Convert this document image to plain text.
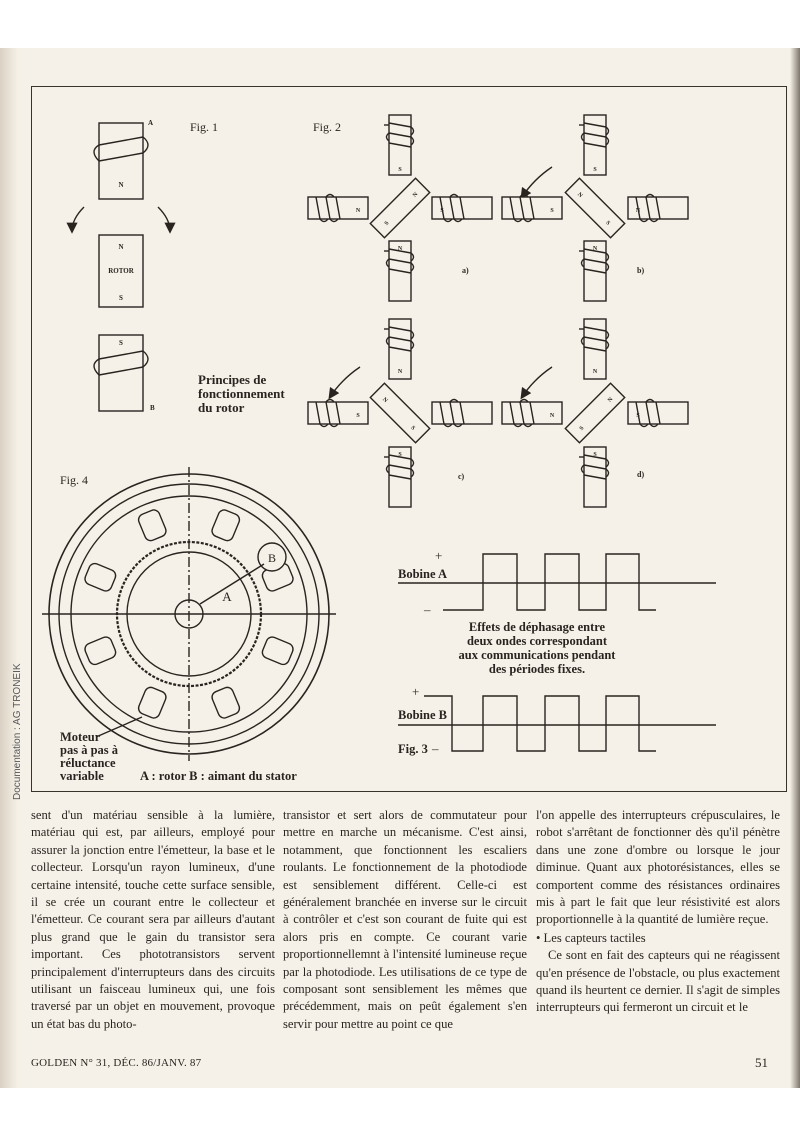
Fig. 1
A
N
N
ROTOR
S
S
B
Principes de
fonctionnement
du rotor
Fig. 2
S
N
S
N
S
N
a)
S
S
N
S
N
N
b)
N
S
N
S
S
c)
N
N
S
N
S
S
d)
Fig. 4
B
A
Moteur
pas à pas à
réluctance
variable	A : rotor B : aimant du stator
+
Bobine A
–
Effets de déphasage entre
deux ondes correspondant
aux communications pendant
des périodes fixes.
+
Bobine B
Fig. 3 –

sent d'un matériau sensible à la lumière, matériau qui est, par ailleurs, employé pour assurer la jonction entre l'émetteur, la base et le collecteur. Lorsqu'un rayon lumineux, d'une certaine intensité, touche cette surface sensible, il se crée un courant entre le collecteur et l'émetteur. Ce courant sera par ailleurs d'autant plus grand que le gain du transistor sera important. Ces phototransistors servent principalement d'interrupteurs dans des circuits utilisant un faisceau lumineux qui, une fois traversé par un objet en mouvement, provoque un état bas du photo-

transistor et sert alors de commutateur pour mettre en marche un mécanisme. C'est ainsi, notamment, que fonctionnent les escaliers roulants. Le fonctionnement de la photodiode est sensiblement différent. Celle-ci est généralement branchée en inverse sur le circuit à contrôler et c'est son courant de fuite qui est alors pris en compte. Ce courant varie proportionnellemnt à l'intensité lumineuse reçue par la photodiode. Les utilisations de ce type de composant sont sensiblement les mêmes que précédemment, mais on peût également s'en servir pour mettre au point ce que

l'on appelle des interrupteurs crépusculaires, le robot s'arrêtant de fonctionner dès qu'il pénètre dans une zone d'ombre ou lorsque le jour diminue. Quant aux photorésistances, elles se comportent comme des résistances ordinaires mis à part le fait que leur résistivité est alors proportionnelle à la quantité de lumière reçue.

• Les capteurs tactiles

Ce sont en fait des capteurs qui ne réagissent qu'en présence de l'obstacle, ou plus exactement quand ils heurtent ce dernier. Il s'agit de simples interrupteurs qui fermeront un circuit et le

GOLDEN N° 31, DÉC. 86/JANV. 87	51
